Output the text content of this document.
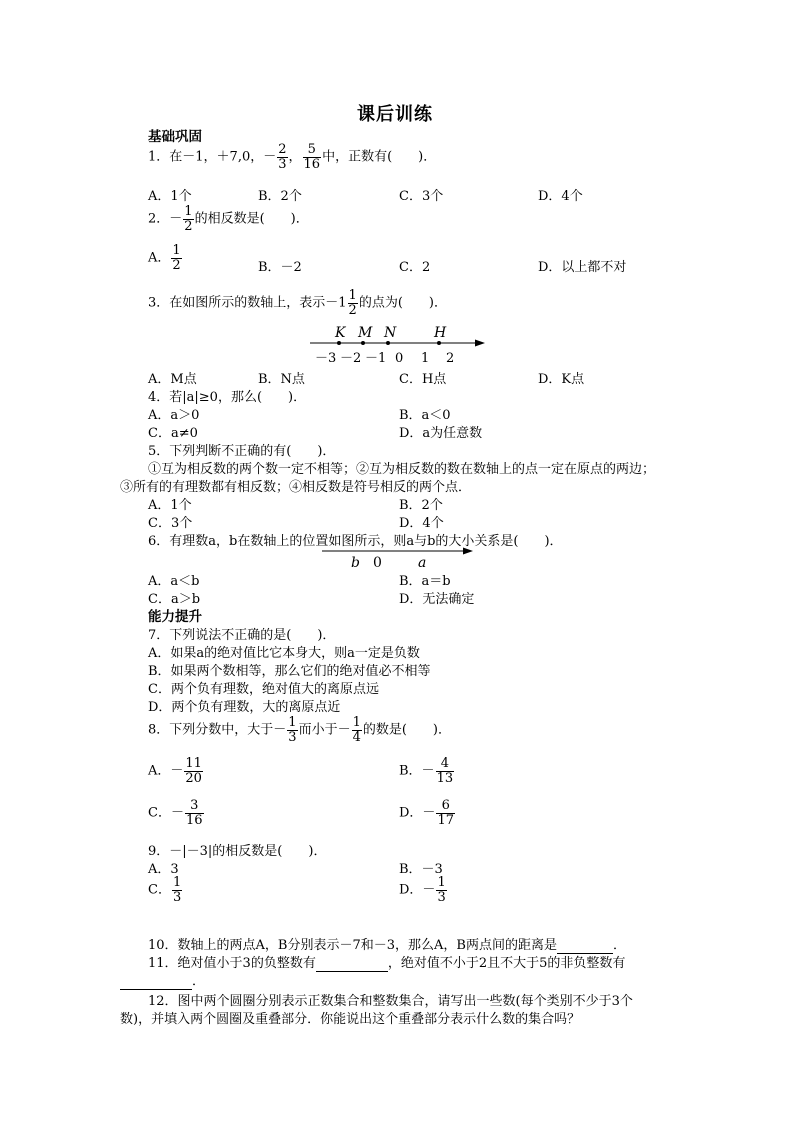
课后训练
基础巩固
1．在－1，＋7,0，－ $\frac{2}{3}$ ， $\frac{5}{16}$ 中，正数有(　　)．
A．1个	B．2个	C．3个	D．4个
2．－ $\frac{1}{2}$ 的相反数是(　　)．
A． $\frac{1}{2}$	B．－2	C．2	D．以上都不对
3．在如图所示的数轴上，表示$-1 \frac{1}{2}$ 的点为(　　)．
K M N	H
－3 －2 －1 0 1 2
A．M点	B．N点	C．H点	D．K点
4．若|a|≥0，那么(　　)．
A．a＞0	B．a＜0
C．a≠0	D．a为任意数
5．下列判断不正确的有(　　)．
①互为相反数的两个数一定不相等；②互为相反数的数在数轴上的点一定在原点的两边；
③所有的有理数都有相反数；④相反数是符号相反的两个点．
A．1个	B．2个
C．3个	D．4个
6．有理数a，b在数轴上的位置如图所示，则a与b的大小关系是(　　)．
b 0	a
A．a＜b	B．a＝b
C．a＞b	D．无法确定
能力提升
7．下列说法不正确的是(　　)．
A．如果a的绝对值比它本身大，则a一定是负数
B．如果两个数相等，那么它们的绝对值必不相等
C．两个负有理数，绝对值大的离原点远
D．两个负有理数，大的离原点近
8．下列分数中，大于－ $\frac{1}{3}$ 而小于－ $\frac{1}{4}$ 的数是(　　)．
A．－ $\frac{11}{20}$	B．－ $\frac{4}{13}$
C．－ $\frac{3}{16}$	D．－ $\frac{6}{17}$
9．－|－3|的相反数是(　　)．
A．3	B．－3
C． $\frac{1}{3}$	D．－ $\frac{1}{3}$
10．数轴上的两点A，B分别表示－7和－3，那么A，B两点间的距离是	．
11．绝对值小于3的负整数有	，绝对值不小于2且不大于5的非负整数有
．
12．图中两个圆圈分别表示正数集合和整数集合，请写出一些数(每个类别不少于3个
数)，并填入两个圆圈及重叠部分．你能说出这个重叠部分表示什么数的集合吗？
